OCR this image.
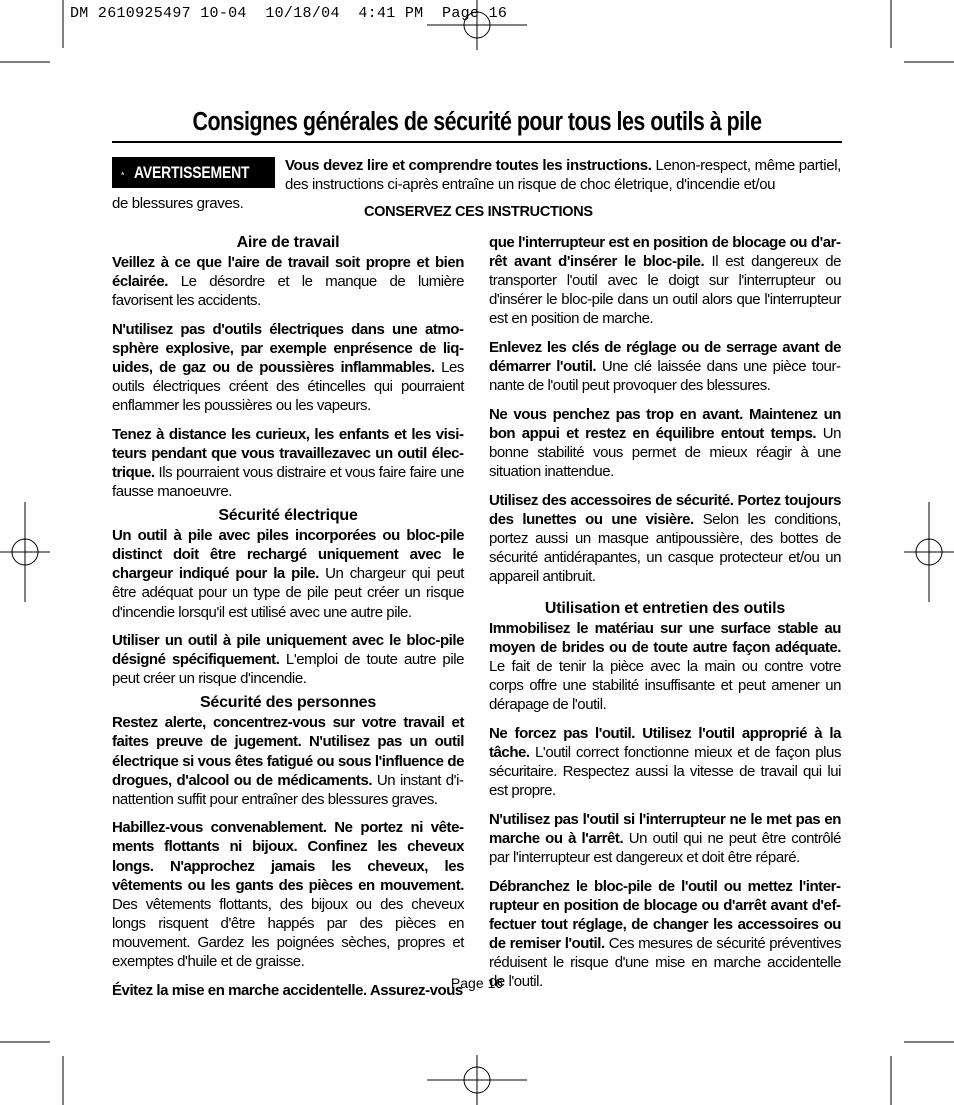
DM 2610925497 10-04  10/18/04  4:41 PM  Page 16
Consignes générales de sécurité pour tous les outils à pile
AVERTISSEMENT Vous devez lire et comprendre toutes les instructions. Lenon-respect, même partiel, des instructions ci-après entraîne un risque de choc életrique, d'incendie et/ou
de blessures graves.	CONSERVEZ CES INSTRUCTIONS
Aire de travail

Veillez à ce que l'aire de travail soit propre et bien éclairée. Le désordre et le manque de lumière favorisent les accidents.

N'utilisez pas d'outils électriques dans une atmosphère explosive, par exemple enprésence de liquides, de gaz ou de poussières inflammables. Les outils électriques créent des étincelles qui pourraient enflammer les poussières ou les vapeurs.

Tenez à distance les curieux, les enfants et les visiteurs pendant que vous travaillezavec un outil électrique. Ils pourraient vous distraire et vous faire faire une fausse manoeuvre.

Sécurité électrique

Un outil à pile avec piles incorporées ou bloc-pile distinct doit être rechargé uniquement avec le chargeur indiqué pour la pile. Un chargeur qui peut être adéquat pour un type de pile peut créer un risque d'incendie lorsqu'il est utilisé avec une autre pile.

Utiliser un outil à pile uniquement avec le bloc-pile désigné spécifiquement. L'emploi de toute autre pile peut créer un risque d'incendie.

Sécurité des personnes

Restez alerte, concentrez-vous sur votre travail et faites preuve de jugement. N'utilisez pas un outil électrique si vous êtes fatigué ou sous l'influence de drogues, d'alcool ou de médicaments. Un instant d'inattention suffit pour entraîner des blessures graves.

Habillez-vous convenablement. Ne portez ni vêtements flottants ni bijoux. Confinez les cheveux longs. N'approchez jamais les cheveux, les vêtements ou les gants des pièces en mouvement. Des vêtements flottants, des bijoux ou des cheveux longs risquent d'être happés par des pièces en mouvement. Gardez les poignées sèches, propres et exemptes d'huile et de graisse.

Évitez la mise en marche accidentelle. Assurez-vous

que l'interrupteur est en position de blocage ou d'arrêt avant d'insérer le bloc-pile. Il est dangereux de transporter l'outil avec le doigt sur l'interrupteur ou d'insérer le bloc-pile dans un outil alors que l'interrupteur est en position de marche.

Enlevez les clés de réglage ou de serrage avant de démarrer l'outil. Une clé laissée dans une pièce tournante de l'outil peut provoquer des blessures.

Ne vous penchez pas trop en avant. Maintenez un bon appui et restez en équilibre entout temps. Un bonne stabilité vous permet de mieux réagir à une situation inattendue.

Utilisez des accessoires de sécurité. Portez toujours des lunettes ou une visière. Selon les conditions, portez aussi un masque antipoussière, des bottes de sécurité antidérapantes, un casque protecteur et/ou un appareil antibruit.

Utilisation et entretien des outils

Immobilisez le matériau sur une surface stable au moyen de brides ou de toute autre façon adéquate. Le fait de tenir la pièce avec la main ou contre votre corps offre une stabilité insuffisante et peut amener un dérapage de l'outil.

Ne forcez pas l'outil. Utilisez l'outil approprié à la tâche. L'outil correct fonctionne mieux et de façon plus sécuritaire. Respectez aussi la vitesse de travail qui lui est propre.

N'utilisez pas l'outil si l'interrupteur ne le met pas en marche ou à l'arrêt. Un outil qui ne peut être contrôlé par l'interrupteur est dangereux et doit être réparé.

Débranchez le bloc-pile de l'outil ou mettez l'interrupteur en position de blocage ou d'arrêt avant d'effectuer tout réglage, de changer les accessoires ou de remiser l'outil. Ces mesures de sécurité préventives réduisent le risque d'une mise en marche accidentelle de l'outil.

Page 16
